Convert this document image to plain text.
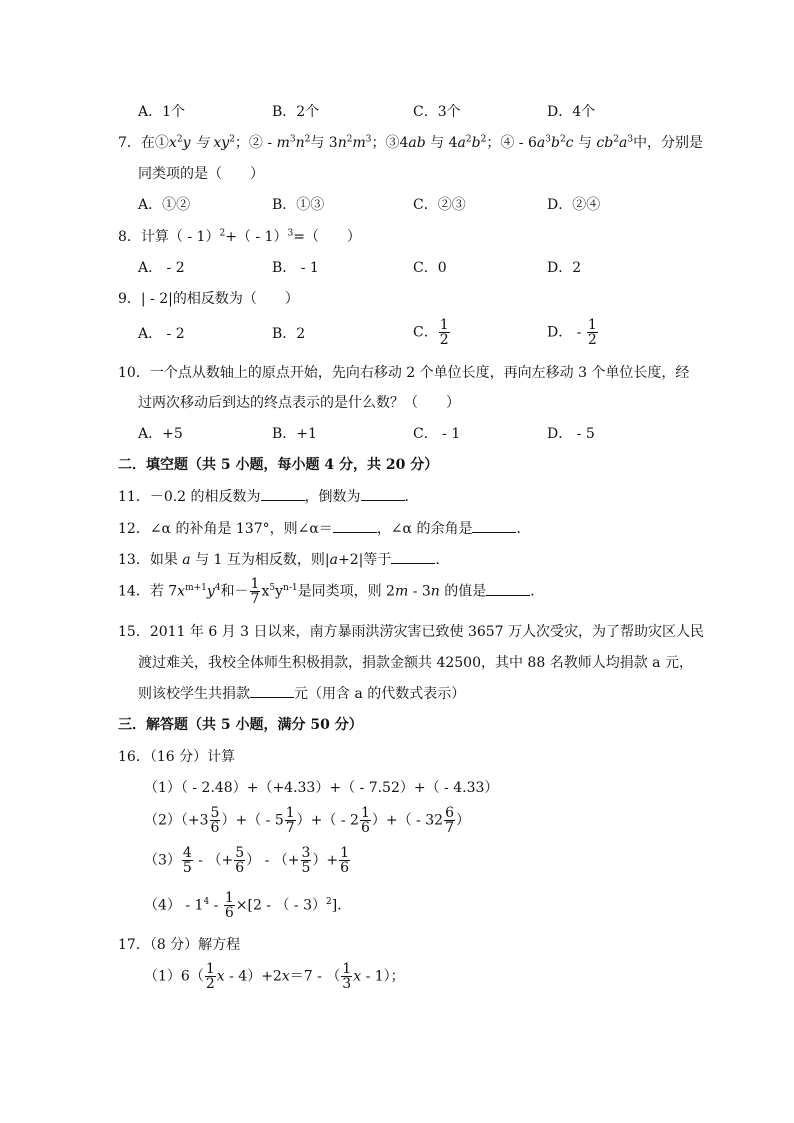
A．1个	B．2个	C．3个	D．4个
7．在$①x^2y$ 与 $xy^2$；② - $m^3n^2$与 $3n^2m^3$；③4ab 与 $4a^2b^2$；④ - $6a^3b^2c$ 与 $cb^2a^3$中，分别是
同类项的是（　　）
A．①②	B．①③	C．②③	D．②④
8．计算（ - 1）$^2$+（ - 1）$^3$=（　　）
A． - 2	B． - 1	C．0	D．2
9．| - 2|的相反数为（　　）
A． - 2	B．2	C． $\frac{1}{2}$	D． - $\frac{1}{2}$
10．一个点从数轴上的原点开始，先向右移动 2 个单位长度，再向左移动 3 个单位长度，经
过两次移动后到达的终点表示的是什么数？（　　）
A．+5	B．+1	C． - 1	D． - 5
二．填空题（共 5 小题，每小题 4 分，共 20 分）
11．－0.2 的相反数为	，倒数为	．
12．∠α 的补角是 137°，则∠α＝	，∠α 的余角是	．
13．如果 a 与 1 互为相反数，则|a+2|等于	．
14．若 $7x^{m+1}y^4$和－ $\frac{1}{7} x^5y^{n-1}$是同类项，则 2m - 3n 的值是	．
15．2011 年 6 月 3 日以来，南方暴雨洪涝灾害已致使 3657 万人次受灾，为了帮助灾区人民
渡过难关，我校全体师生积极捐款，捐款金额共 42500，其中 88 名教师人均捐款 a 元，
则该校学生共捐款	元（用含 a 的代数式表示）
三．解答题（共 5 小题，满分 50 分）
16．（16 分）计算
（1）（ - 2.48）+（+4.33）+（ - 7.52）+（ - 4.33）
$(2)(+3 \frac{5}{6}$ ）+（ - $5 \frac{1}{7}$ ）+（ - $2 \frac{1}{6}$ ）+（ - $32 \frac{6}{7}$ ）
$(3) \frac{4}{5}$ - （+ $\frac{5}{6}$ ） - （+ $\frac{3}{5}$ ）+ $\frac{1}{6}$
$(4) - 1^4 - \frac{1}{6} \times[2$ - （ - 3）$^2$]．
17．（8 分）解方程
$(1)6( \frac{1}{2}$ x - 4）+2x＝7 - （ $\frac{1}{3}$ x - 1）；
